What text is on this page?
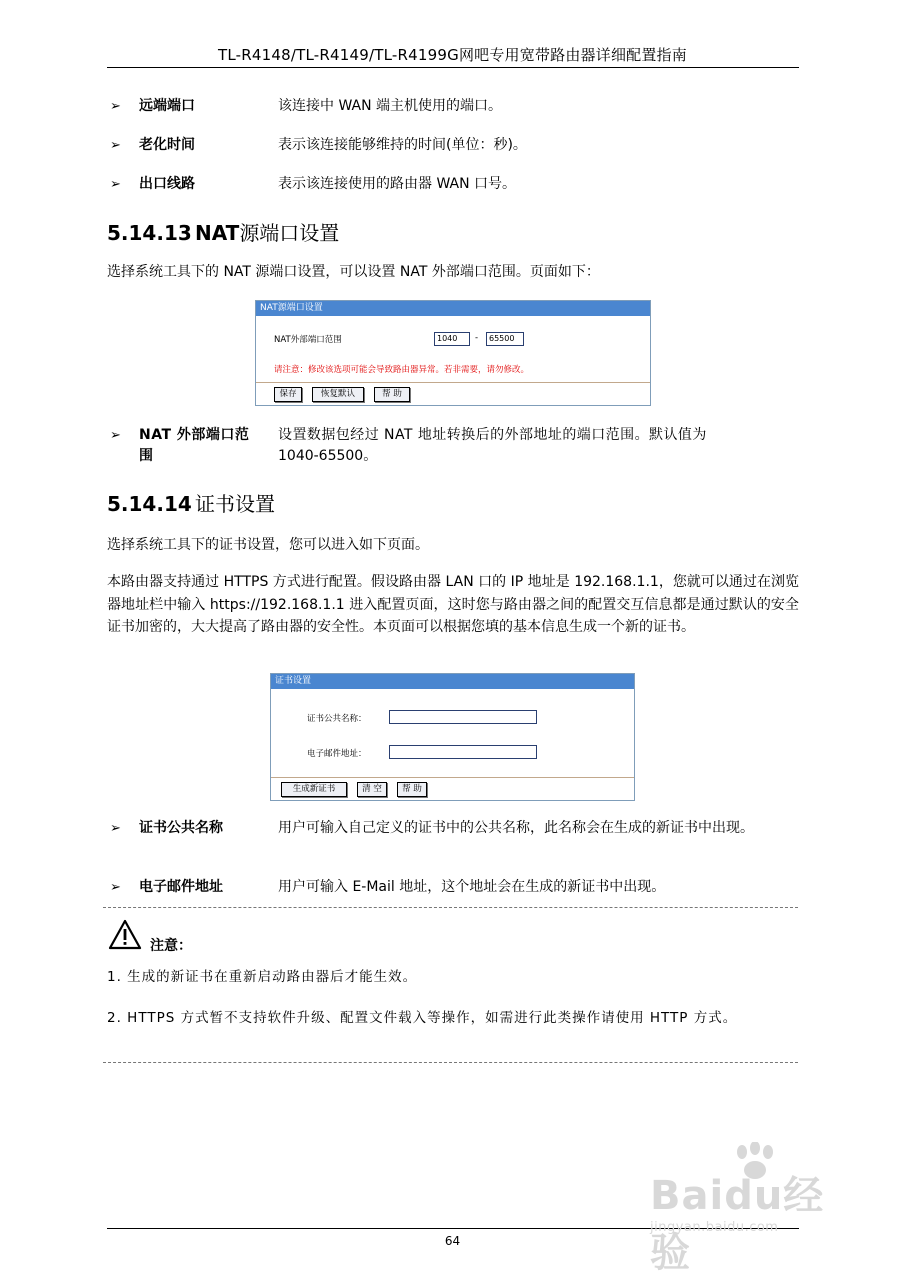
TL-R4148/TL-R4149/TL-R4199G网吧专用宽带路由器详细配置指南
➢ 远端端口	该连接中 WAN 端主机使用的端口。
➢ 老化时间	表示该连接能够维持的时间(单位：秒)。
➢ 出口线路	表示该连接使用的路由器 WAN 口号。
5.14.13 NAT源端口设置
选择系统工具下的 NAT 源端口设置，可以设置 NAT 外部端口范围。页面如下：
NAT源端口设置
NAT外部端口范围	1040	-	65500
请注意：修改该选项可能会导致路由器异常。若非需要，请勿修改。
保存	恢复默认	帮 助
➢ NAT 外部端口范
围
设置数据包经过 NAT 地址转换后的外部地址的端口范围。默认值为
1040-65500。
5.14.14 证书设置
选择系统工具下的证书设置，您可以进入如下页面。
本路由器支持通过 HTTPS 方式进行配置。假设路由器 LAN 口的 IP 地址是 192.168.1.1，您就可以通过在浏览器地址栏中输入 https://192.168.1.1 进入配置页面，这时您与路由器之间的配置交互信息都是通过默认的安全证书加密的，大大提高了路由器的安全性。本页面可以根据您填的基本信息生成一个新的证书。
证书设置
证书公共名称：
电子邮件地址：
生成新证书	清 空	帮 助
➢ 证书公共名称	用户可输入自己定义的证书中的公共名称，此名称会在生成的新证书中出现。
➢ 电子邮件地址	用户可输入 E-Mail 地址，这个地址会在生成的新证书中出现。
注意：
1. 生成的新证书在重新启动路由器后才能生效。
2. HTTPS 方式暂不支持软件升级、配置文件载入等操作，如需进行此类操作请使用 HTTP 方式。
64
Baidu经验
jingyan.baidu.com
